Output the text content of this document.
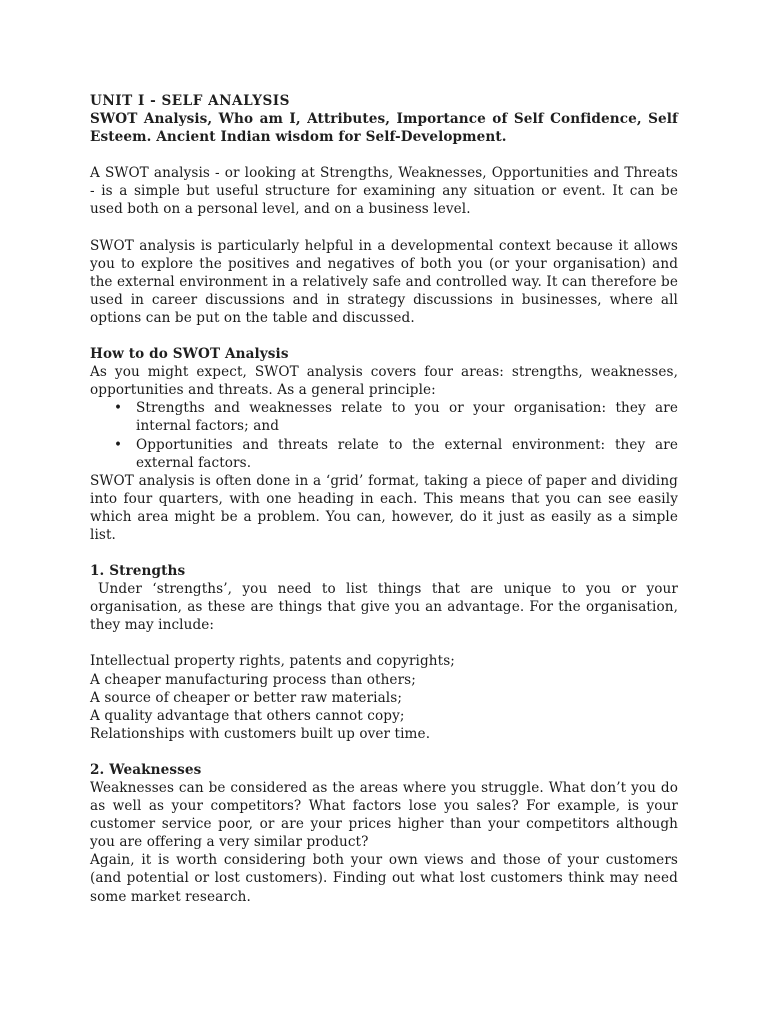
UNIT I - SELF ANALYSIS

SWOT Analysis, Who am I, Attributes, Importance of Self Confidence, Self Esteem. Ancient Indian wisdom for Self-Development.

A SWOT analysis - or looking at Strengths, Weaknesses, Opportunities and Threats - is a simple but useful structure for examining any situation or event. It can be used both on a personal level, and on a business level.

SWOT analysis is particularly helpful in a developmental context because it allows you to explore the positives and negatives of both you (or your organisation) and the external environment in a relatively safe and controlled way. It can therefore be used in career discussions and in strategy discussions in businesses, where all options can be put on the table and discussed.

How to do SWOT Analysis

As you might expect, SWOT analysis covers four areas: strengths, weaknesses, opportunities and threats. As a general principle:

• Strengths and weaknesses relate to you or your organisation: they are internal factors; and
• Opportunities and threats relate to the external environment: they are external factors.

SWOT analysis is often done in a ‘grid’ format, taking a piece of paper and dividing into four quarters, with one heading in each. This means that you can see easily which area might be a problem. You can, however, do it just as easily as a simple list.

1. Strengths

Under ‘strengths’, you need to list things that are unique to you or your organisation, as these are things that give you an advantage. For the organisation, they may include:

Intellectual property rights, patents and copyrights;

A cheaper manufacturing process than others;

A source of cheaper or better raw materials;

A quality advantage that others cannot copy;

Relationships with customers built up over time.

2. Weaknesses

Weaknesses can be considered as the areas where you struggle. What don’t you do as well as your competitors? What factors lose you sales? For example, is your customer service poor, or are your prices higher than your competitors although you are offering a very similar product?

Again, it is worth considering both your own views and those of your customers (and potential or lost customers). Finding out what lost customers think may need some market research.
